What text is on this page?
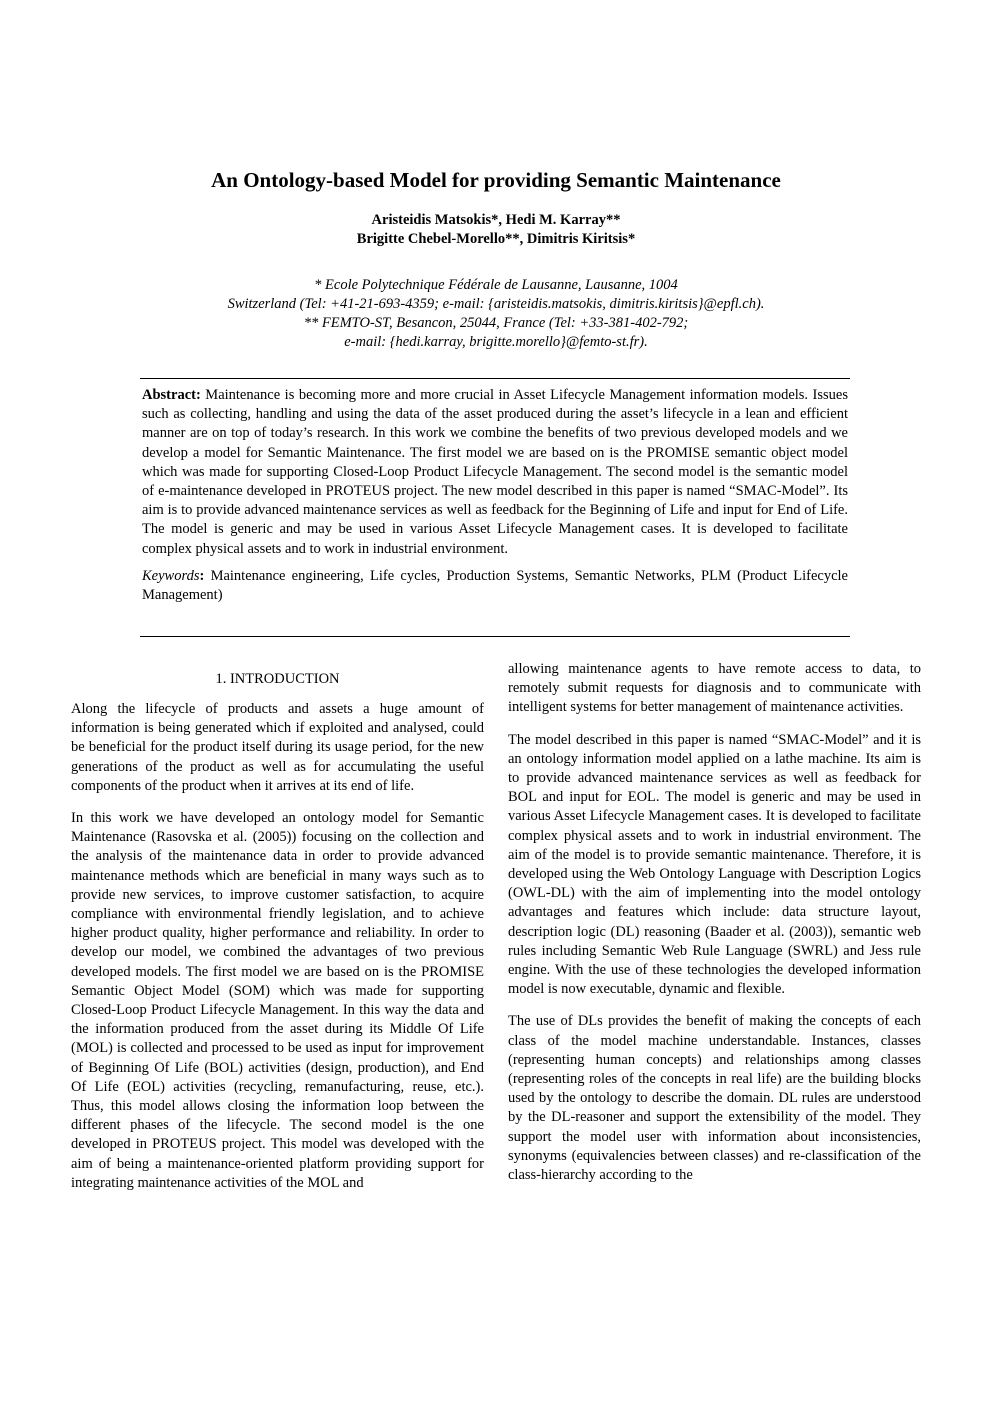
An Ontology-based Model for providing Semantic Maintenance
Aristeidis Matsokis*, Hedi M. Karray**
Brigitte Chebel-Morello**, Dimitris Kiritsis*
* Ecole Polytechnique Fédérale de Lausanne, Lausanne, 1004
Switzerland (Tel: +41-21-693-4359; e-mail: {aristeidis.matsokis, dimitris.kiritsis}@epfl.ch).
** FEMTO-ST, Besancon, 25044, France (Tel: +33-381-402-792;
e-mail: {hedi.karray, brigitte.morello}@femto-st.fr).

Abstract: Maintenance is becoming more and more crucial in Asset Lifecycle Management information models. Issues such as collecting, handling and using the data of the asset produced during the asset’s lifecycle in a lean and efficient manner are on top of today’s research. In this work we combine the benefits of two previous developed models and we develop a model for Semantic Maintenance. The first model we are based on is the PROMISE semantic object model which was made for supporting Closed-Loop Product Lifecycle Management. The second model is the semantic model of e-maintenance developed in PROTEUS project. The new model described in this paper is named “SMAC-Model”. Its aim is to provide advanced maintenance services as well as feedback for the Beginning of Life and input for End of Life. The model is generic and may be used in various Asset Lifecycle Management cases. It is developed to facilitate complex physical assets and to work in industrial environment.

Keywords: Maintenance engineering, Life cycles, Production Systems, Semantic Networks, PLM (Product Lifecycle Management)

1. INTRODUCTION

Along the lifecycle of products and assets a huge amount of information is being generated which if exploited and analysed, could be beneficial for the product itself during its usage period, for the new generations of the product as well as for accumulating the useful components of the product when it arrives at its end of life.

In this work we have developed an ontology model for Semantic Maintenance (Rasovska et al. (2005)) focusing on the collection and the analysis of the maintenance data in order to provide advanced maintenance methods which are beneficial in many ways such as to provide new services, to improve customer satisfaction, to acquire compliance with environmental friendly legislation, and to achieve higher product quality, higher performance and reliability. In order to develop our model, we combined the advantages of two previous developed models. The first model we are based on is the PROMISE Semantic Object Model (SOM) which was made for supporting Closed-Loop Product Lifecycle Management. In this way the data and the information produced from the asset during its Middle Of Life (MOL) is collected and processed to be used as input for improvement of Beginning Of Life (BOL) activities (design, production), and End Of Life (EOL) activities (recycling, remanufacturing, reuse, etc.). Thus, this model allows closing the information loop between the different phases of the lifecycle. The second model is the one developed in PROTEUS project. This model was developed with the aim of being a maintenance-oriented platform providing support for integrating maintenance activities of the MOL and

allowing maintenance agents to have remote access to data, to remotely submit requests for diagnosis and to communicate with intelligent systems for better management of maintenance activities.

The model described in this paper is named “SMAC-Model” and it is an ontology information model applied on a lathe machine. Its aim is to provide advanced maintenance services as well as feedback for BOL and input for EOL. The model is generic and may be used in various Asset Lifecycle Management cases. It is developed to facilitate complex physical assets and to work in industrial environment. The aim of the model is to provide semantic maintenance. Therefore, it is developed using the Web Ontology Language with Description Logics (OWL-DL) with the aim of implementing into the model ontology advantages and features which include: data structure layout, description logic (DL) reasoning (Baader et al. (2003)), semantic web rules including Semantic Web Rule Language (SWRL) and Jess rule engine. With the use of these technologies the developed information model is now executable, dynamic and flexible.

The use of DLs provides the benefit of making the concepts of each class of the model machine understandable. Instances, classes (representing human concepts) and relationships among classes (representing roles of the concepts in real life) are the building blocks used by the ontology to describe the domain. DL rules are understood by the DL-reasoner and support the extensibility of the model. They support the model user with information about inconsistencies, synonyms (equivalencies between classes) and re-classification of the class-hierarchy according to the
